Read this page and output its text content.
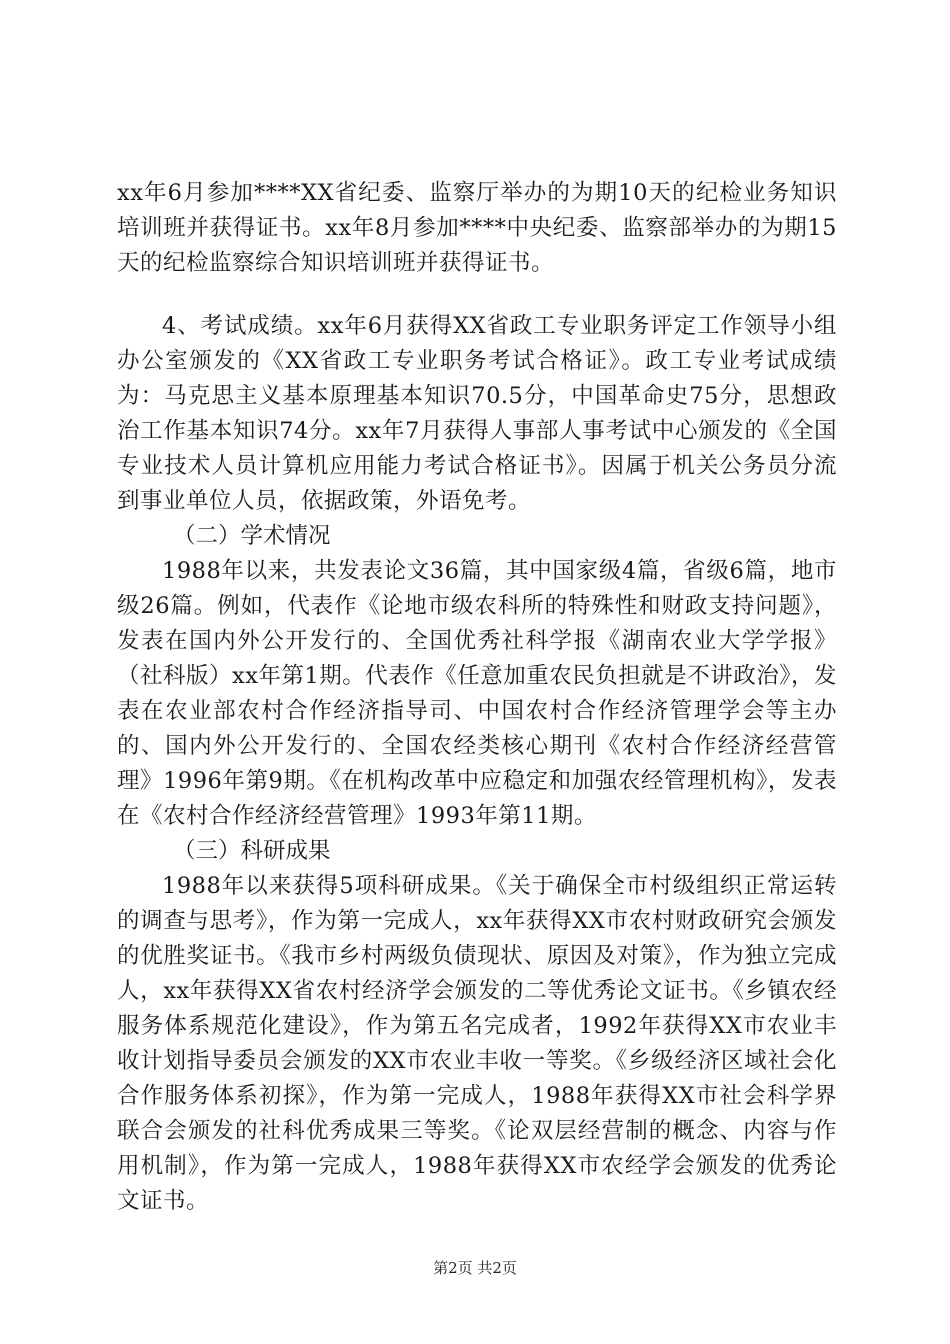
xx年6月参加****XX省纪委、监察厅举办的为期10天的纪检业务知识培训班并获得证书。xx年8月参加****中央纪委、监察部举办的为期15天的纪检监察综合知识培训班并获得证书。

4、考试成绩。xx年6月获得XX省政工专业职务评定工作领导小组办公室颁发的《XX省政工专业职务考试合格证》。政工专业考试成绩为：马克思主义基本原理基本知识70.5分，中国革命史75分，思想政治工作基本知识74分。xx年7月获得人事部人事考试中心颁发的《全国专业技术人员计算机应用能力考试合格证书》。因属于机关公务员分流到事业单位人员，依据政策，外语免考。

（二）学术情况

1988年以来，共发表论文36篇，其中国家级4篇，省级6篇，地市级26篇。例如，代表作《论地市级农科所的特殊性和财政支持问题》，发表在国内外公开发行的、全国优秀社科学报《湖南农业大学学报》（社科版）xx年第1期。代表作《任意加重农民负担就是不讲政治》，发表在农业部农村合作经济指导司、中国农村合作经济管理学会等主办的、国内外公开发行的、全国农经类核心期刊《农村合作经济经营管理》1996年第9期。《在机构改革中应稳定和加强农经管理机构》，发表在《农村合作经济经营管理》1993年第11期。

（三）科研成果

1988年以来获得5项科研成果。《关于确保全市村级组织正常运转的调查与思考》，作为第一完成人，xx年获得XX市农村财政研究会颁发的优胜奖证书。《我市乡村两级负债现状、原因及对策》，作为独立完成人，xx年获得XX省农村经济学会颁发的二等优秀论文证书。《乡镇农经服务体系规范化建设》，作为第五名完成者，1992年获得XX市农业丰收计划指导委员会颁发的XX市农业丰收一等奖。《乡级经济区域社会化合作服务体系初探》，作为第一完成人，1988年获得XX市社会科学界联合会颁发的社科优秀成果三等奖。《论双层经营制的概念、内容与作用机制》，作为第一完成人，1988年获得XX市农经学会颁发的优秀论文证书。

第2页 共2页
